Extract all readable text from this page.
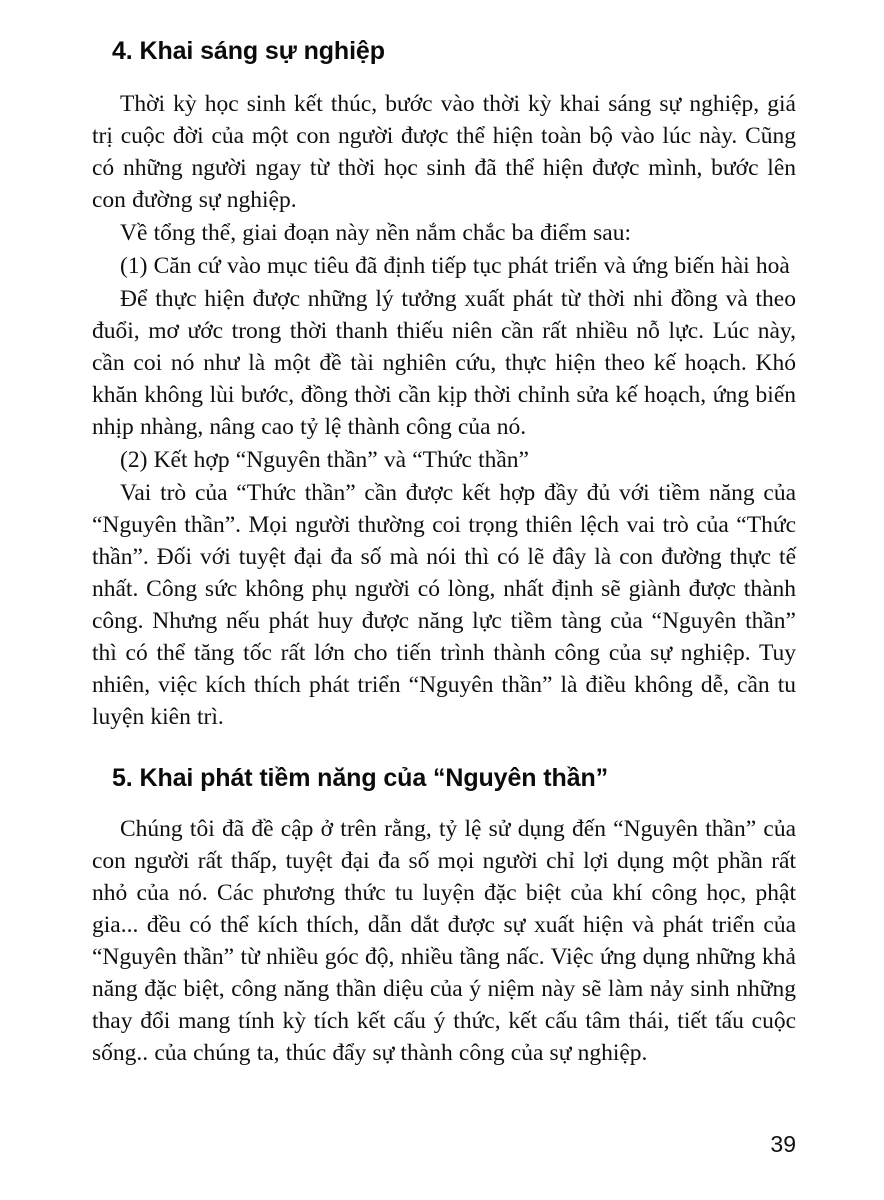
4. Khai sáng sự nghiệp

Thời kỳ học sinh kết thúc, bước vào thời kỳ khai sáng sự nghiệp, giá trị cuộc đời của một con người được thể hiện toàn bộ vào lúc này. Cũng có những người ngay từ thời học sinh đã thể hiện được mình, bước lên con đường sự nghiệp.

Về tổng thể, giai đoạn này nền nắm chắc ba điểm sau:

(1) Căn cứ vào mục tiêu đã định tiếp tục phát triển và ứng biến hài hoà

Để thực hiện được những lý tưởng xuất phát từ thời nhi đồng và theo đuổi, mơ ước trong thời thanh thiếu niên cần rất nhiều nỗ lực. Lúc này, cần coi nó như là một đề tài nghiên cứu, thực hiện theo kế hoạch. Khó khăn không lùi bước, đồng thời cần kịp thời chỉnh sửa kế hoạch, ứng biến nhịp nhàng, nâng cao tỷ lệ thành công của nó.

(2) Kết hợp “Nguyên thần” và “Thức thần”

Vai trò của “Thức thần” cần được kết hợp đầy đủ với tiềm năng của “Nguyên thần”. Mọi người thường coi trọng thiên lệch vai trò của “Thức thần”. Đối với tuyệt đại đa số mà nói thì có lẽ đây là con đường thực tế nhất. Công sức không phụ người có lòng, nhất định sẽ giành được thành công. Nhưng nếu phát huy được năng lực tiềm tàng của “Nguyên thần” thì có thể tăng tốc rất lớn cho tiến trình thành công của sự nghiệp. Tuy nhiên, việc kích thích phát triển “Nguyên thần” là điều không dễ, cần tu luyện kiên trì.

5. Khai phát tiềm năng của “Nguyên thần”

Chúng tôi đã đề cập ở trên rằng, tỷ lệ sử dụng đến “Nguyên thần” của con người rất thấp, tuyệt đại đa số mọi người chỉ lợi dụng một phần rất nhỏ của nó. Các phương thức tu luyện đặc biệt của khí công học, phật gia... đều có thể kích thích, dẫn dắt được sự xuất hiện và phát triển của “Nguyên thần” từ nhiều góc độ, nhiều tầng nấc. Việc ứng dụng những khả năng đặc biệt, công năng thần diệu của ý niệm này sẽ làm nảy sinh những thay đổi mang tính kỳ tích kết cấu ý thức, kết cấu tâm thái, tiết tấu cuộc sống.. của chúng ta, thúc đẩy sự thành công của sự nghiệp.

39
